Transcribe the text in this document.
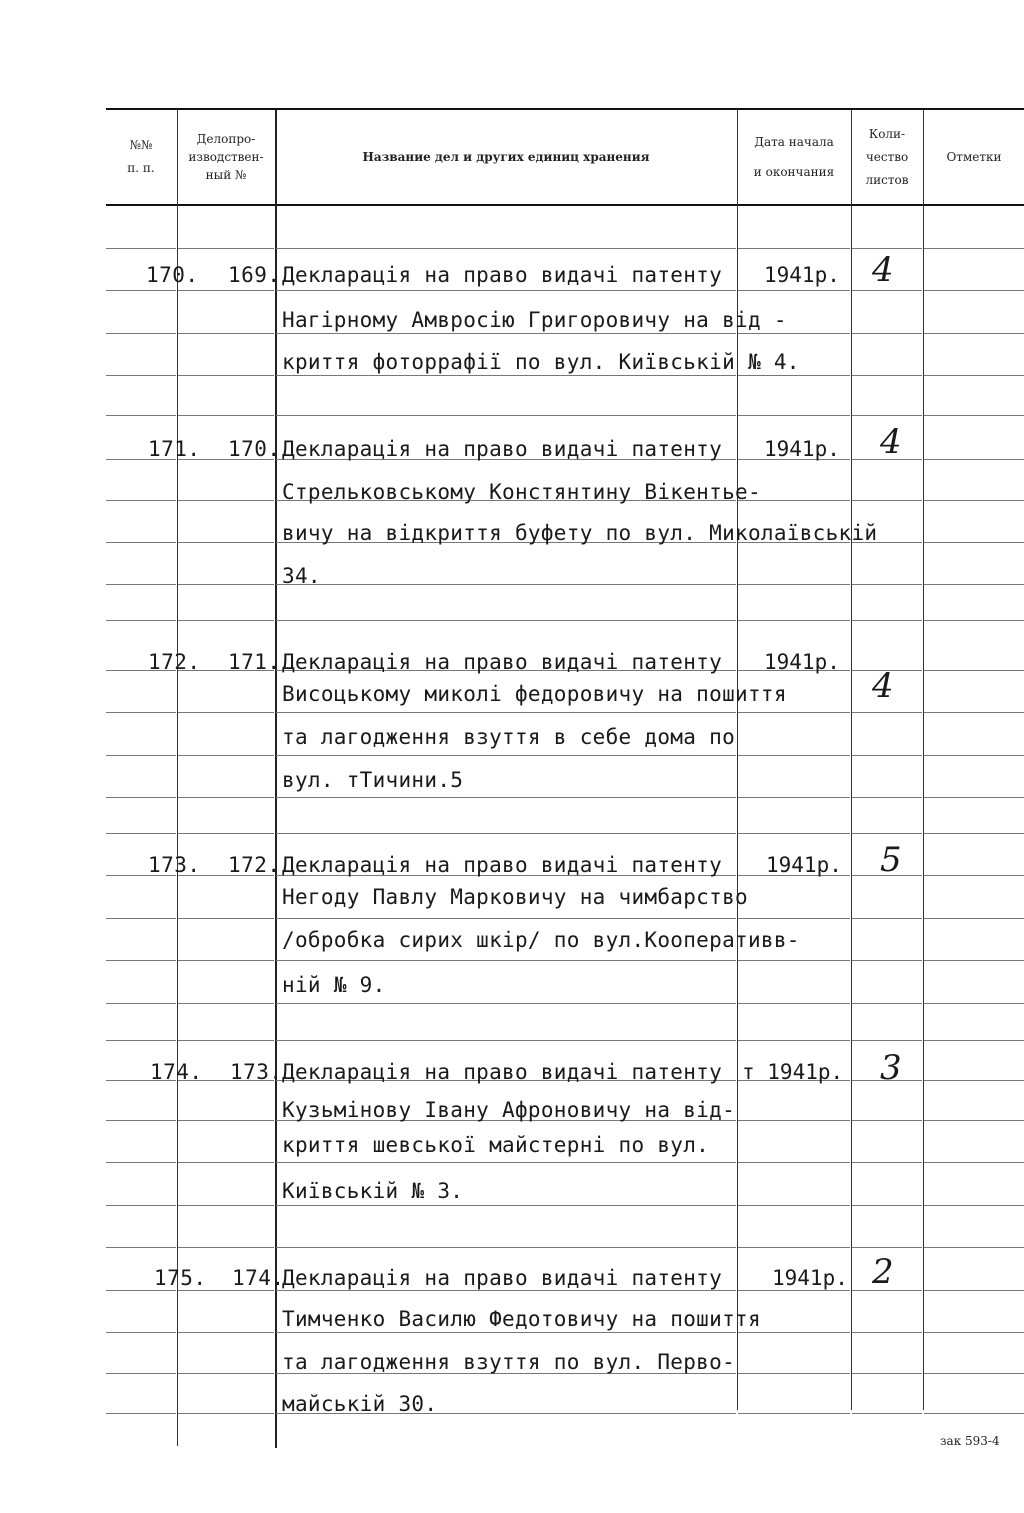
№№
п. п.
Делопро-
изводствен-
ный №
Название дел и других единиц хранения
Дата начала
и окончания
Коли-
чество
листов
Отметки
170. 169. Декларація на право видачі патенту
Нагірному Амвросію Григоровичу на від -
криття фоторрафії по вул. Київській № 4.
1941р. 4
171. 170. Декларація на право видачі патенту
Стрельковському Констянтину Вікентье-
вичу на відкриття буфету по вул. Миколаївській
34.
1941р. 4
172. 171. Декларація на право видачі патенту
Висоцькому миколі федоровичу на пошиття
та лагодження взуття в себе дома по
вул. тТичини.5
1941р.
4
173. 172. Декларація на право видачі патенту
Негоду Павлу Марковичу на чимбарство
/обробка сирих шкір/ по вул.Кооперативв-
ній № 9.
1941р. 5
174. 173. Декларація на право видачі патенту
Кузьмінову Івану Афроновичу на від-
криття шевської майстерні по вул.
Київській № 3.
т 1941р. 3
175. 174.
Декларація на право видачі патенту
Тимченко Василю Федотовичу на пошиття
та лагодження взуття по вул. Перво-
майській 30.
1941р. 2
зак 593-4
